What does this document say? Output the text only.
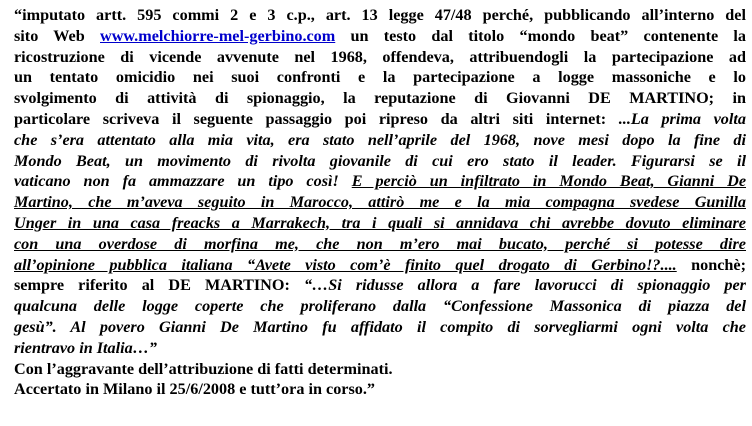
“imputato artt. 595 commi 2 e 3 c.p., art. 13 legge 47/48 perché, pubblicando all’interno del
sito Web www.melchiorre-mel-gerbino.com un testo dal titolo “mondo beat” contenente la
ricostruzione di vicende avvenute nel 1968, offendeva, attribuendogli la partecipazione ad
un tentato omicidio nei suoi confronti e la partecipazione a logge massoniche e lo
svolgimento di attività di spionaggio, la reputazione di Giovanni DE MARTINO; in
particolare scriveva il seguente passaggio poi ripreso da altri siti internet: ...La prima volta
che s’era attentato alla mia vita, era stato nell’aprile del 1968, nove mesi dopo la fine di
Mondo Beat, un movimento di rivolta giovanile di cui ero stato il leader. Figurarsi se il
vaticano non fa ammazzare un tipo così! E perciò un infiltrato in Mondo Beat, Gianni De
Martino, che m’aveva seguito in Marocco, attirò me e la mia compagna svedese Gunilla
Unger in una casa freacks a Marrakech, tra i quali si annidava chi avrebbe dovuto eliminare
con una overdose di morfina me, che non m’ero mai bucato, perché si potesse dire
all’opinione pubblica italiana “Avete visto com’è finito quel drogato di Gerbino!?.... nonchè;
sempre riferito al DE MARTINO: “…Si ridusse allora a fare lavorucci di spionaggio per
qualcuna delle logge coperte che proliferano dalla “Confessione Massonica di piazza del
gesù”. Al povero Gianni De Martino fu affidato il compito di sorvegliarmi ogni volta che
rientravo in Italia…”
Con l’aggravante dell’attribuzione di fatti determinati.
Accertato in Milano il 25/6/2008 e tutt’ora in corso.”
